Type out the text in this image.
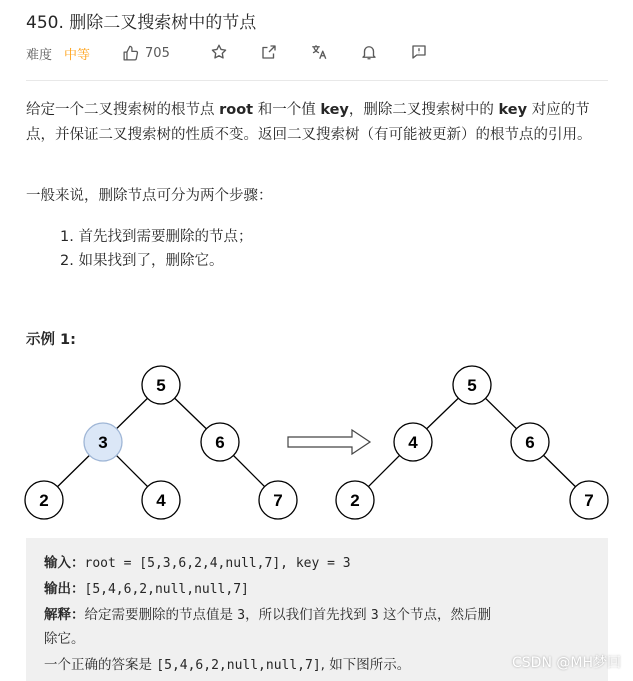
450. 删除二叉搜索树中的节点
难度 中等	705
给定一个二叉搜索树的根节点 root 和一个值 key，删除二叉搜索树中的 key 对应的节点，并保证二叉搜索树的性质不变。返回二叉搜索树（有可能被更新）的根节点的引用。
一般来说，删除节点可分为两个步骤：
1. 首先找到需要删除的节点；
2. 如果找到了，删除它。
示例 1:
5
3	6
2	4	7
5
4	6
2	7
输入：root = [5,3,6,2,4,null,7], key = 3
输出：[5,4,6,2,null,null,7]
解释：给定需要删除的节点值是 3，所以我们首先找到 3 这个节点，然后删
除它。
一个正确的答案是 [5,4,6,2,null,null,7], 如下图所示。	CSDN @MH梦回
